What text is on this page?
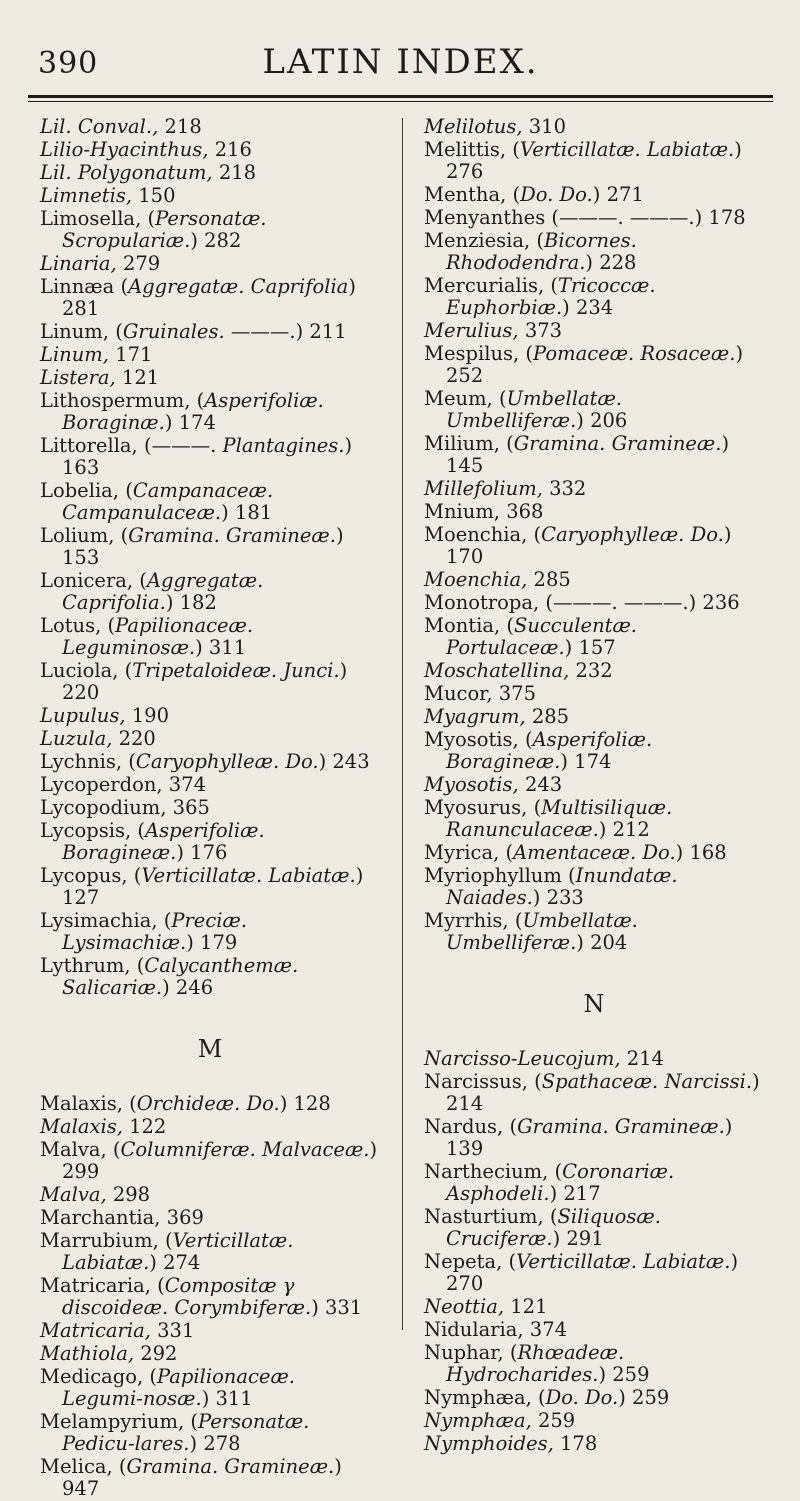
390	LATIN INDEX.

Lil. Conval., 218

Lilio-Hyacinthus, 216

Lil. Polygonatum, 218

Limnetis, 150

Limosella, (Personatæ. Scropulariæ.) 282

Linaria, 279

Linnæa (Aggregatæ. Caprifolia) 281

Linum, (Gruinales. ———.) 211

Linum, 171

Listera, 121

Lithospermum, (Asperifoliæ. Boraginæ.) 174

Littorella, (———. Plantagines.) 163

Lobelia, (Campanaceæ. Campanulaceæ.) 181

Lolium, (Gramina. Gramineæ.) 153

Lonicera, (Aggregatæ. Caprifolia.) 182

Lotus, (Papilionaceæ. Leguminosæ.) 311

Luciola, (Tripetaloideæ. Junci.) 220

Lupulus, 190

Luzula, 220

Lychnis, (Caryophylleæ. Do.) 243

Lycoperdon, 374

Lycopodium, 365

Lycopsis, (Asperifoliæ. Boragineæ.) 176

Lycopus, (Verticillatæ. Labiatæ.) 127

Lysimachia, (Preciæ. Lysimachiæ.) 179

Lythrum, (Calycanthemæ. Salicariæ.) 246

M

Malaxis, (Orchideæ. Do.) 128

Malaxis, 122

Malva, (Columniferæ. Malvaceæ.) 299

Malva, 298

Marchantia, 369

Marrubium, (Verticillatæ. Labiatæ.) 274

Matricaria, (Compositæ γ discoideæ. Corymbiferæ.) 331

Matricaria, 331

Mathiola, 292

Medicago, (Papilionaceæ. Legumi-nosæ.) 311

Melampyrium, (Personatæ. Pedicu-lares.) 278

Melica, (Gramina. Gramineæ.) 947

Melilotus, 310

Melittis, (Verticillatæ. Labiatæ.) 276

Mentha, (Do. Do.) 271

Menyanthes (———. ———.) 178

Menziesia, (Bicornes. Rhododendra.) 228

Mercurialis, (Tricoccæ. Euphorbiæ.) 234

Merulius, 373

Mespilus, (Pomaceæ. Rosaceæ.) 252

Meum, (Umbellatæ. Umbelliferæ.) 206

Milium, (Gramina. Gramineæ.) 145

Millefolium, 332

Mnium, 368

Moenchia, (Caryophylleæ. Do.) 170

Moenchia, 285

Monotropa, (———. ———.) 236

Montia, (Succulentæ. Portulaceæ.) 157

Moschatellina, 232

Mucor, 375

Myagrum, 285

Myosotis, (Asperifoliæ. Boragineæ.) 174

Myosotis, 243

Myosurus, (Multisiliquæ. Ranunculaceæ.) 212

Myrica, (Amentaceæ. Do.) 168

Myriophyllum (Inundatæ. Naiades.) 233

Myrrhis, (Umbellatæ. Umbelliferæ.) 204

N

Narcisso-Leucojum, 214

Narcissus, (Spathaceæ. Narcissi.) 214

Nardus, (Gramina. Gramineæ.) 139

Narthecium, (Coronariæ. Asphodeli.) 217

Nasturtium, (Siliquosæ. Cruciferæ.) 291

Nepeta, (Verticillatæ. Labiatæ.) 270

Neottia, 121

Nidularia, 374

Nuphar, (Rhœadeæ. Hydrocharides.) 259

Nymphæa, (Do. Do.) 259

Nymphæa, 259

Nymphoides, 178
